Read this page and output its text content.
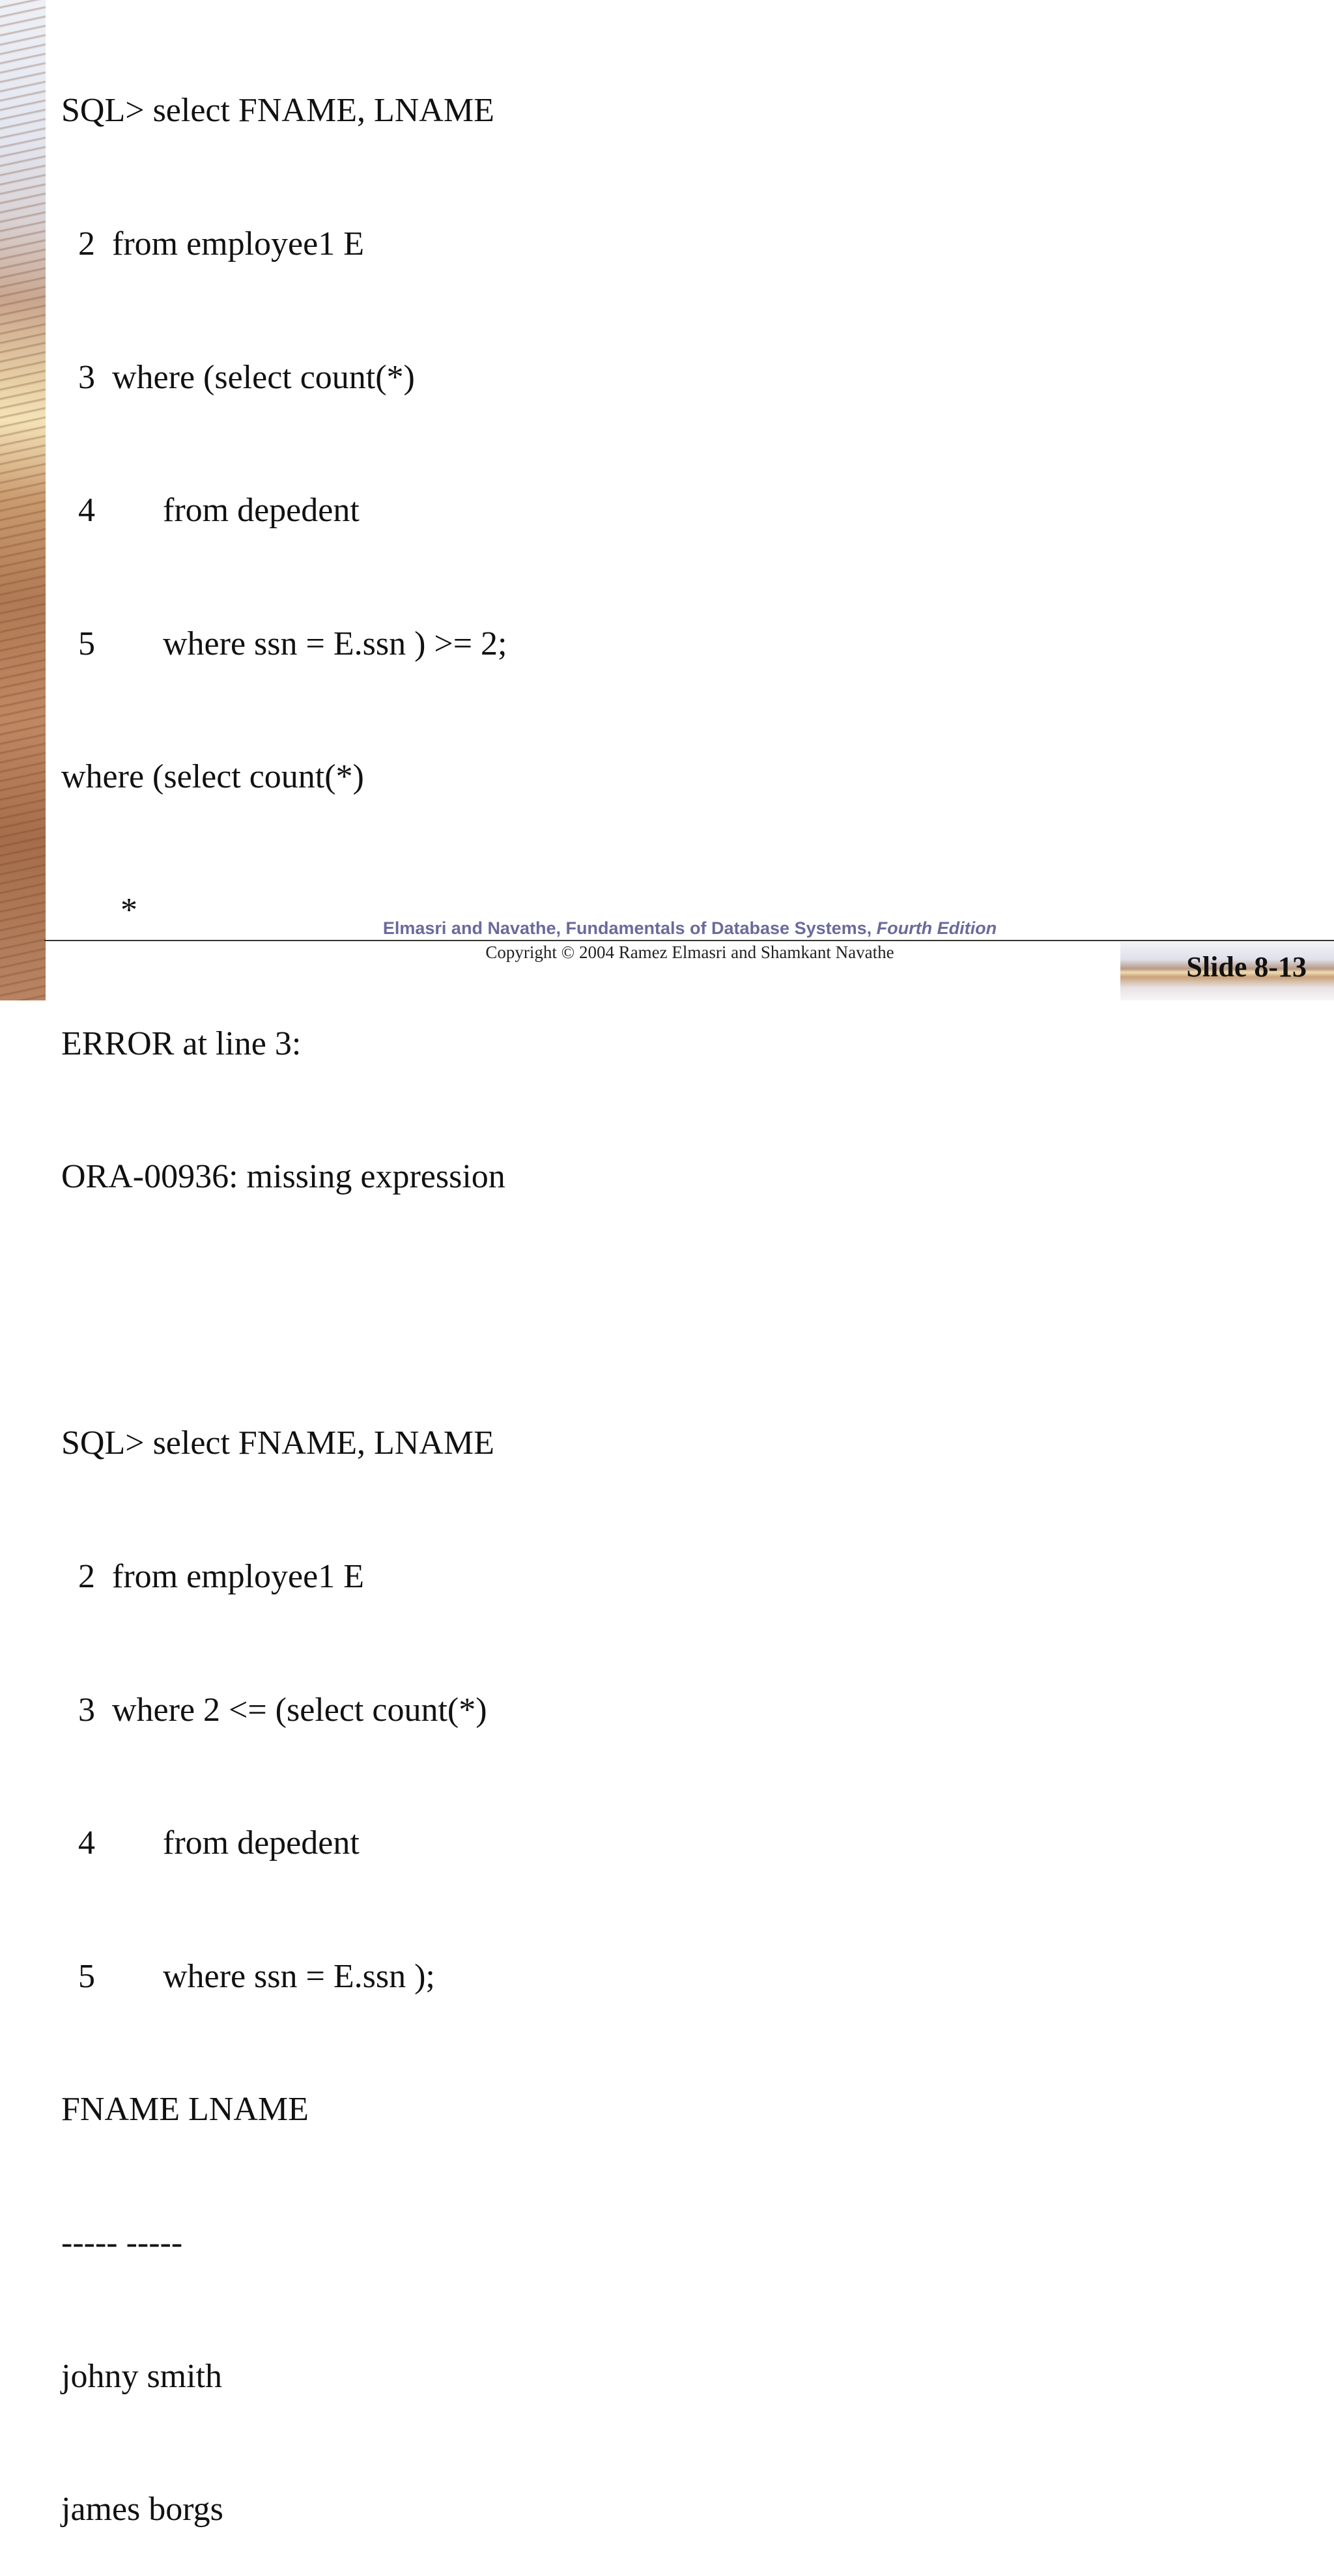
SQL> select FNAME, LNAME

2  from employee1 E

3  where (select count(*)

4        from depedent

5        where ssn = E.ssn ) >= 2;

where (select count(*)

*

ERROR at line 3:

ORA-00936: missing expression

SQL> select FNAME, LNAME

2  from employee1 E

3  where 2 <= (select count(*)

4        from depedent

5        where ssn = E.ssn );

FNAME LNAME

----- -----

johny smith

james borgs

Elmasri and Navathe, Fundamentals of Database Systems, Fourth Edition
Copyright © 2004 Ramez Elmasri and Shamkant Navathe	Slide 8-13
